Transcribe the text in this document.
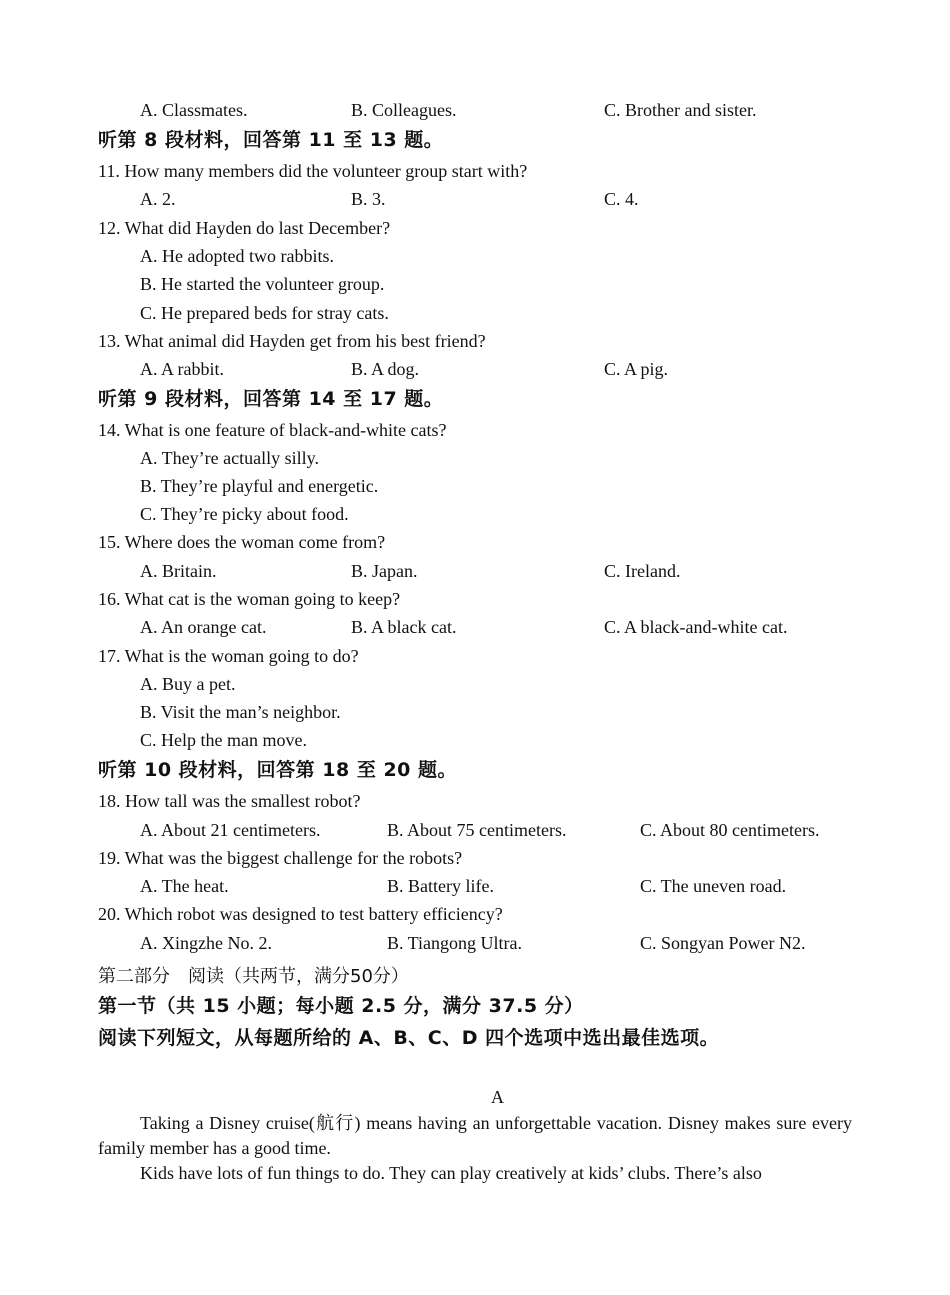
A. Classmates.	B. Colleagues.	C. Brother and sister.
听第 8 段材料，回答第 11 至 13 题。
11. How many members did the volunteer group start with?
A. 2.	B. 3.	C. 4.
12. What did Hayden do last December?
A. He adopted two rabbits.
B. He started the volunteer group.
C. He prepared beds for stray cats.
13. What animal did Hayden get from his best friend?
A. A rabbit.	B. A dog.	C. A pig.
听第 9 段材料，回答第 14 至 17 题。
14. What is one feature of black-and-white cats?
A. They’re actually silly.
B. They’re playful and energetic.
C. They’re picky about food.
15. Where does the woman come from?
A. Britain.	B. Japan.	C. Ireland.
16. What cat is the woman going to keep?
A. An orange cat.	B. A black cat.	C. A black-and-white cat.
17. What is the woman going to do?
A. Buy a pet.
B. Visit the man’s neighbor.
C. Help the man move.
听第 10 段材料，回答第 18 至 20 题。
18. How tall was the smallest robot?
A. About 21 centimeters.	B. About 75 centimeters.	C. About 80 centimeters.
19. What was the biggest challenge for the robots?
A. The heat.	B. Battery life.	C. The uneven road.
20. Which robot was designed to test battery efficiency?
A. Xingzhe No. 2.	B. Tiangong Ultra.	C. Songyan Power N2.
第二部分　阅读（共两节，满分50分）
第一节（共 15 小题；每小题 2.5 分，满分 37.5 分）
阅读下列短文，从每题所给的 A、B、C、D 四个选项中选出最佳选项。
A
Taking a Disney cruise(航行) means having an unforgettable vacation. Disney makes sure every family member has a good time.
Kids have lots of fun things to do. They can play creatively at kids’ clubs. There’s also
